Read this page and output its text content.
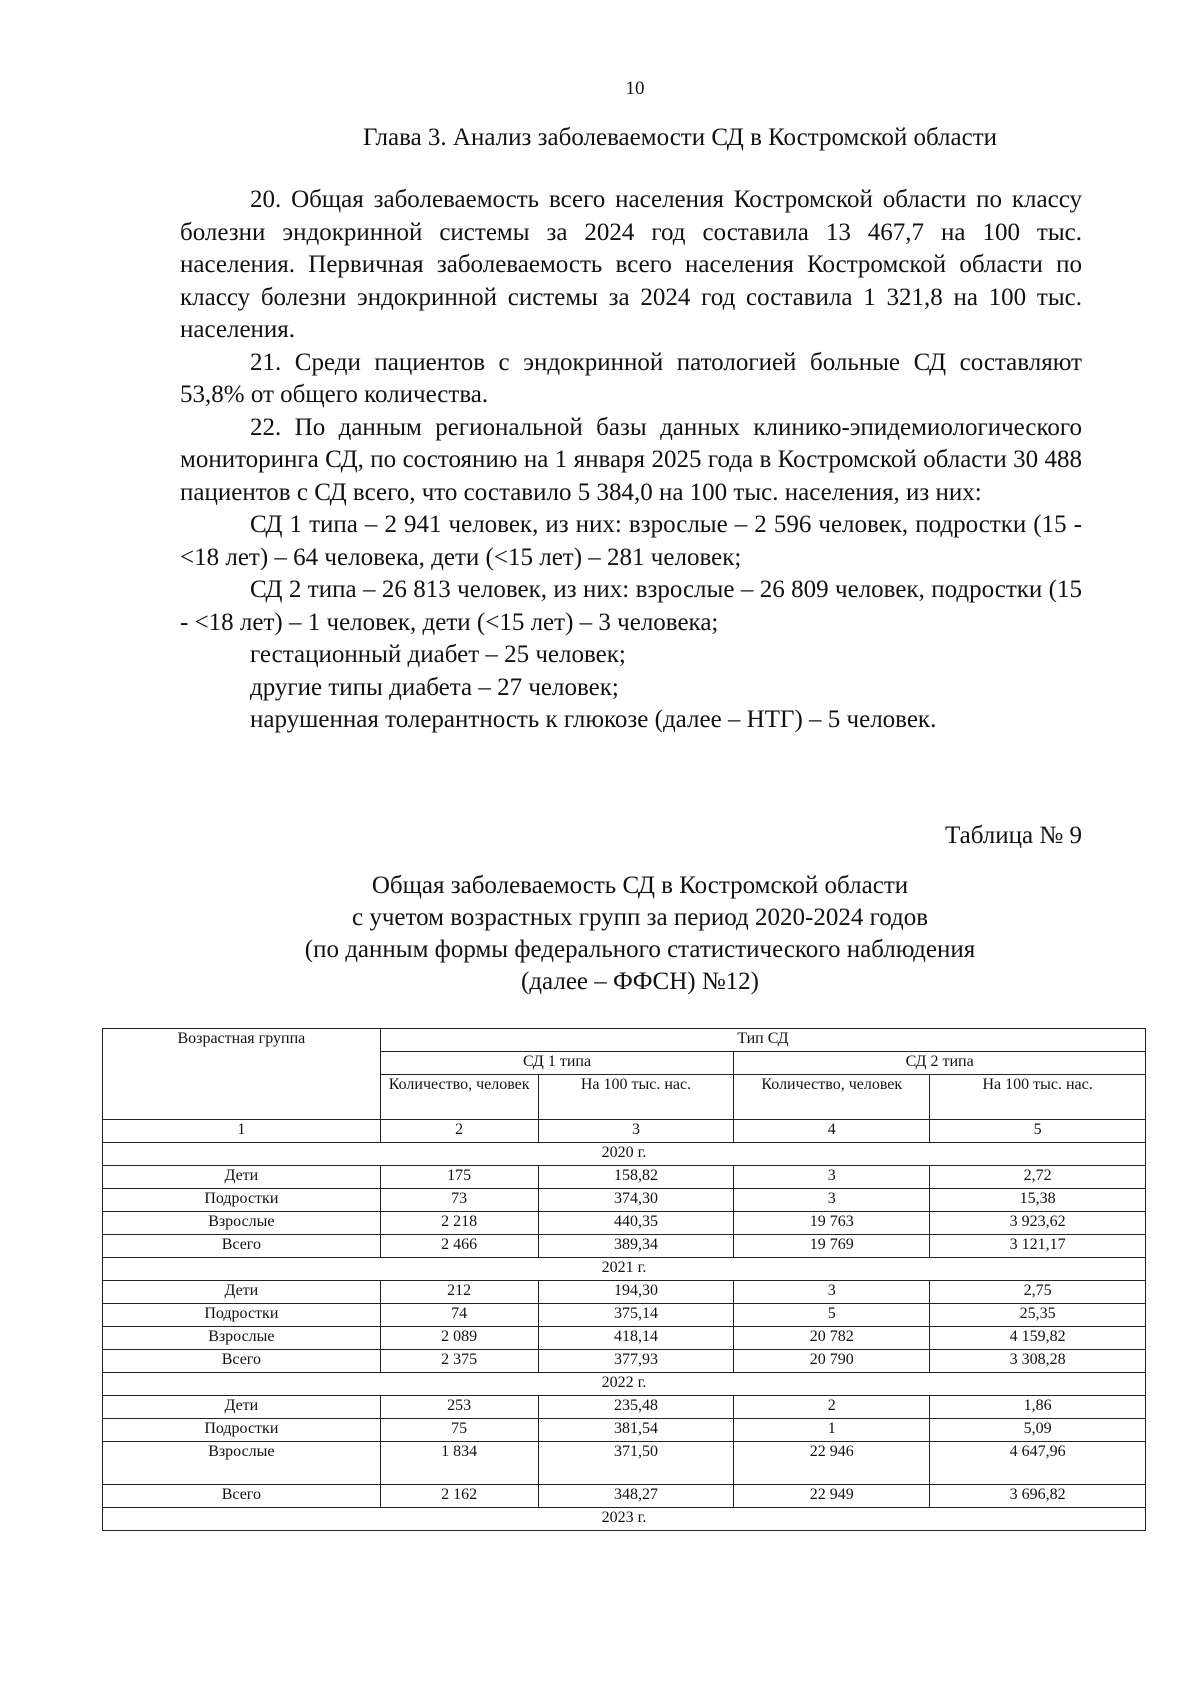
10
Глава 3. Анализ заболеваемости СД в Костромской области

20. Общая заболеваемость всего населения Костромской области по классу болезни эндокринной системы за 2024 год составила 13 467,7 на 100 тыс. населения. Первичная заболеваемость всего населения Костромской области по классу болезни эндокринной системы за 2024 год составила 1 321,8 на 100 тыс. населения.

21. Среди пациентов с эндокринной патологией больные СД составляют 53,8% от общего количества.

22. По данным региональной базы данных клинико-эпидемиологического мониторинга СД, по состоянию на 1 января 2025 года в Костромской области 30 488 пациентов с СД всего, что составило 5 384,0 на 100 тыс. населения, из них:

СД 1 типа – 2 941 человек, из них: взрослые – 2 596 человек, подростки (15 - <18 лет) – 64 человека, дети (<15 лет) – 281 человек;

СД 2 типа – 26 813 человек, из них: взрослые – 26 809 человек, подростки (15 - <18 лет) – 1 человек, дети (<15 лет) – 3 человека;

гестационный диабет – 25 человек;

другие типы диабета – 27 человек;

нарушенная толерантность к глюкозе (далее – НТГ) – 5 человек.

Таблица № 9
Общая заболеваемость СД в Костромской области
с учетом возрастных групп за период 2020-2024 годов
(по данным формы федерального статистического наблюдения
(далее – ФФСН) №12)
Возрастная группа	Тип СД			
	СД 1 типа		СД 2 типа	
	Количество, человек	На 100 тыс. нас.	Количество, человек	На 100 тыс. нас.
1	2	3	4	5
2020 г.				
Дети	175	158,82	3	2,72
Подростки	73	374,30	3	15,38
Взрослые	2 218	440,35	19 763	3 923,62
Всего	2 466	389,34	19 769	3 121,17
2021 г.				
Дети	212	194,30	3	2,75
Подростки	74	375,14	5	25,35
Взрослые	2 089	418,14	20 782	4 159,82
Всего	2 375	377,93	20 790	3 308,28
2022 г.				
Дети	253	235,48	2	1,86
Подростки	75	381,54	1	5,09
Взрослые	1 834	371,50	22 946	4 647,96
Всего	2 162	348,27	22 949	3 696,82
2023 г.				
